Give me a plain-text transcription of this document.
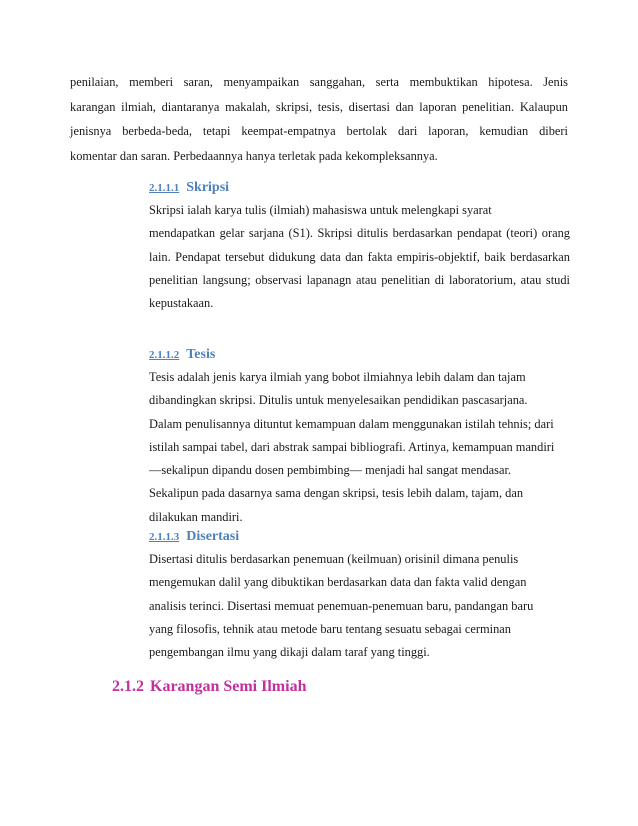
penilaian, memberi saran, menyampaikan sanggahan, serta membuktikan hipotesa. Jenis
karangan ilmiah, diantaranya makalah, skripsi, tesis, disertasi dan laporan penelitian. Kalaupun
jenisnya berbeda-beda, tetapi keempat-empatnya bertolak dari laporan, kemudian diberi
komentar dan saran. Perbedaannya hanya terletak pada kekompleksannya.
2.1.1.1 Skripsi
Skripsi ialah karya tulis (ilmiah) mahasiswa untuk melengkapi syarat
mendapatkan gelar sarjana (S1). Skripsi ditulis berdasarkan pendapat (teori) orang
lain. Pendapat tersebut didukung data dan fakta empiris-objektif, baik berdasarkan
penelitian langsung; observasi lapanagn atau penelitian di laboratorium, atau studi
kepustakaan.
2.1.1.2 Tesis
Tesis adalah jenis karya ilmiah yang bobot ilmiahnya lebih dalam dan tajam
dibandingkan skripsi. Ditulis untuk menyelesaikan pendidikan pascasarjana.
Dalam penulisannya dituntut kemampuan dalam menggunakan istilah tehnis; dari
istilah sampai tabel, dari abstrak sampai bibliografi. Artinya, kemampuan mandiri
—sekalipun dipandu dosen pembimbing— menjadi hal sangat mendasar.
Sekalipun pada dasarnya sama dengan skripsi, tesis lebih dalam, tajam, dan
dilakukan mandiri.
2.1.1.3 Disertasi
Disertasi ditulis berdasarkan penemuan (keilmuan) orisinil dimana penulis
mengemukan dalil yang dibuktikan berdasarkan data dan fakta valid dengan
analisis terinci. Disertasi memuat penemuan-penemuan baru, pandangan baru
yang filosofis, tehnik atau metode baru tentang sesuatu sebagai cerminan
pengembangan ilmu yang dikaji dalam taraf yang tinggi.
2.1.2 Karangan Semi Ilmiah
